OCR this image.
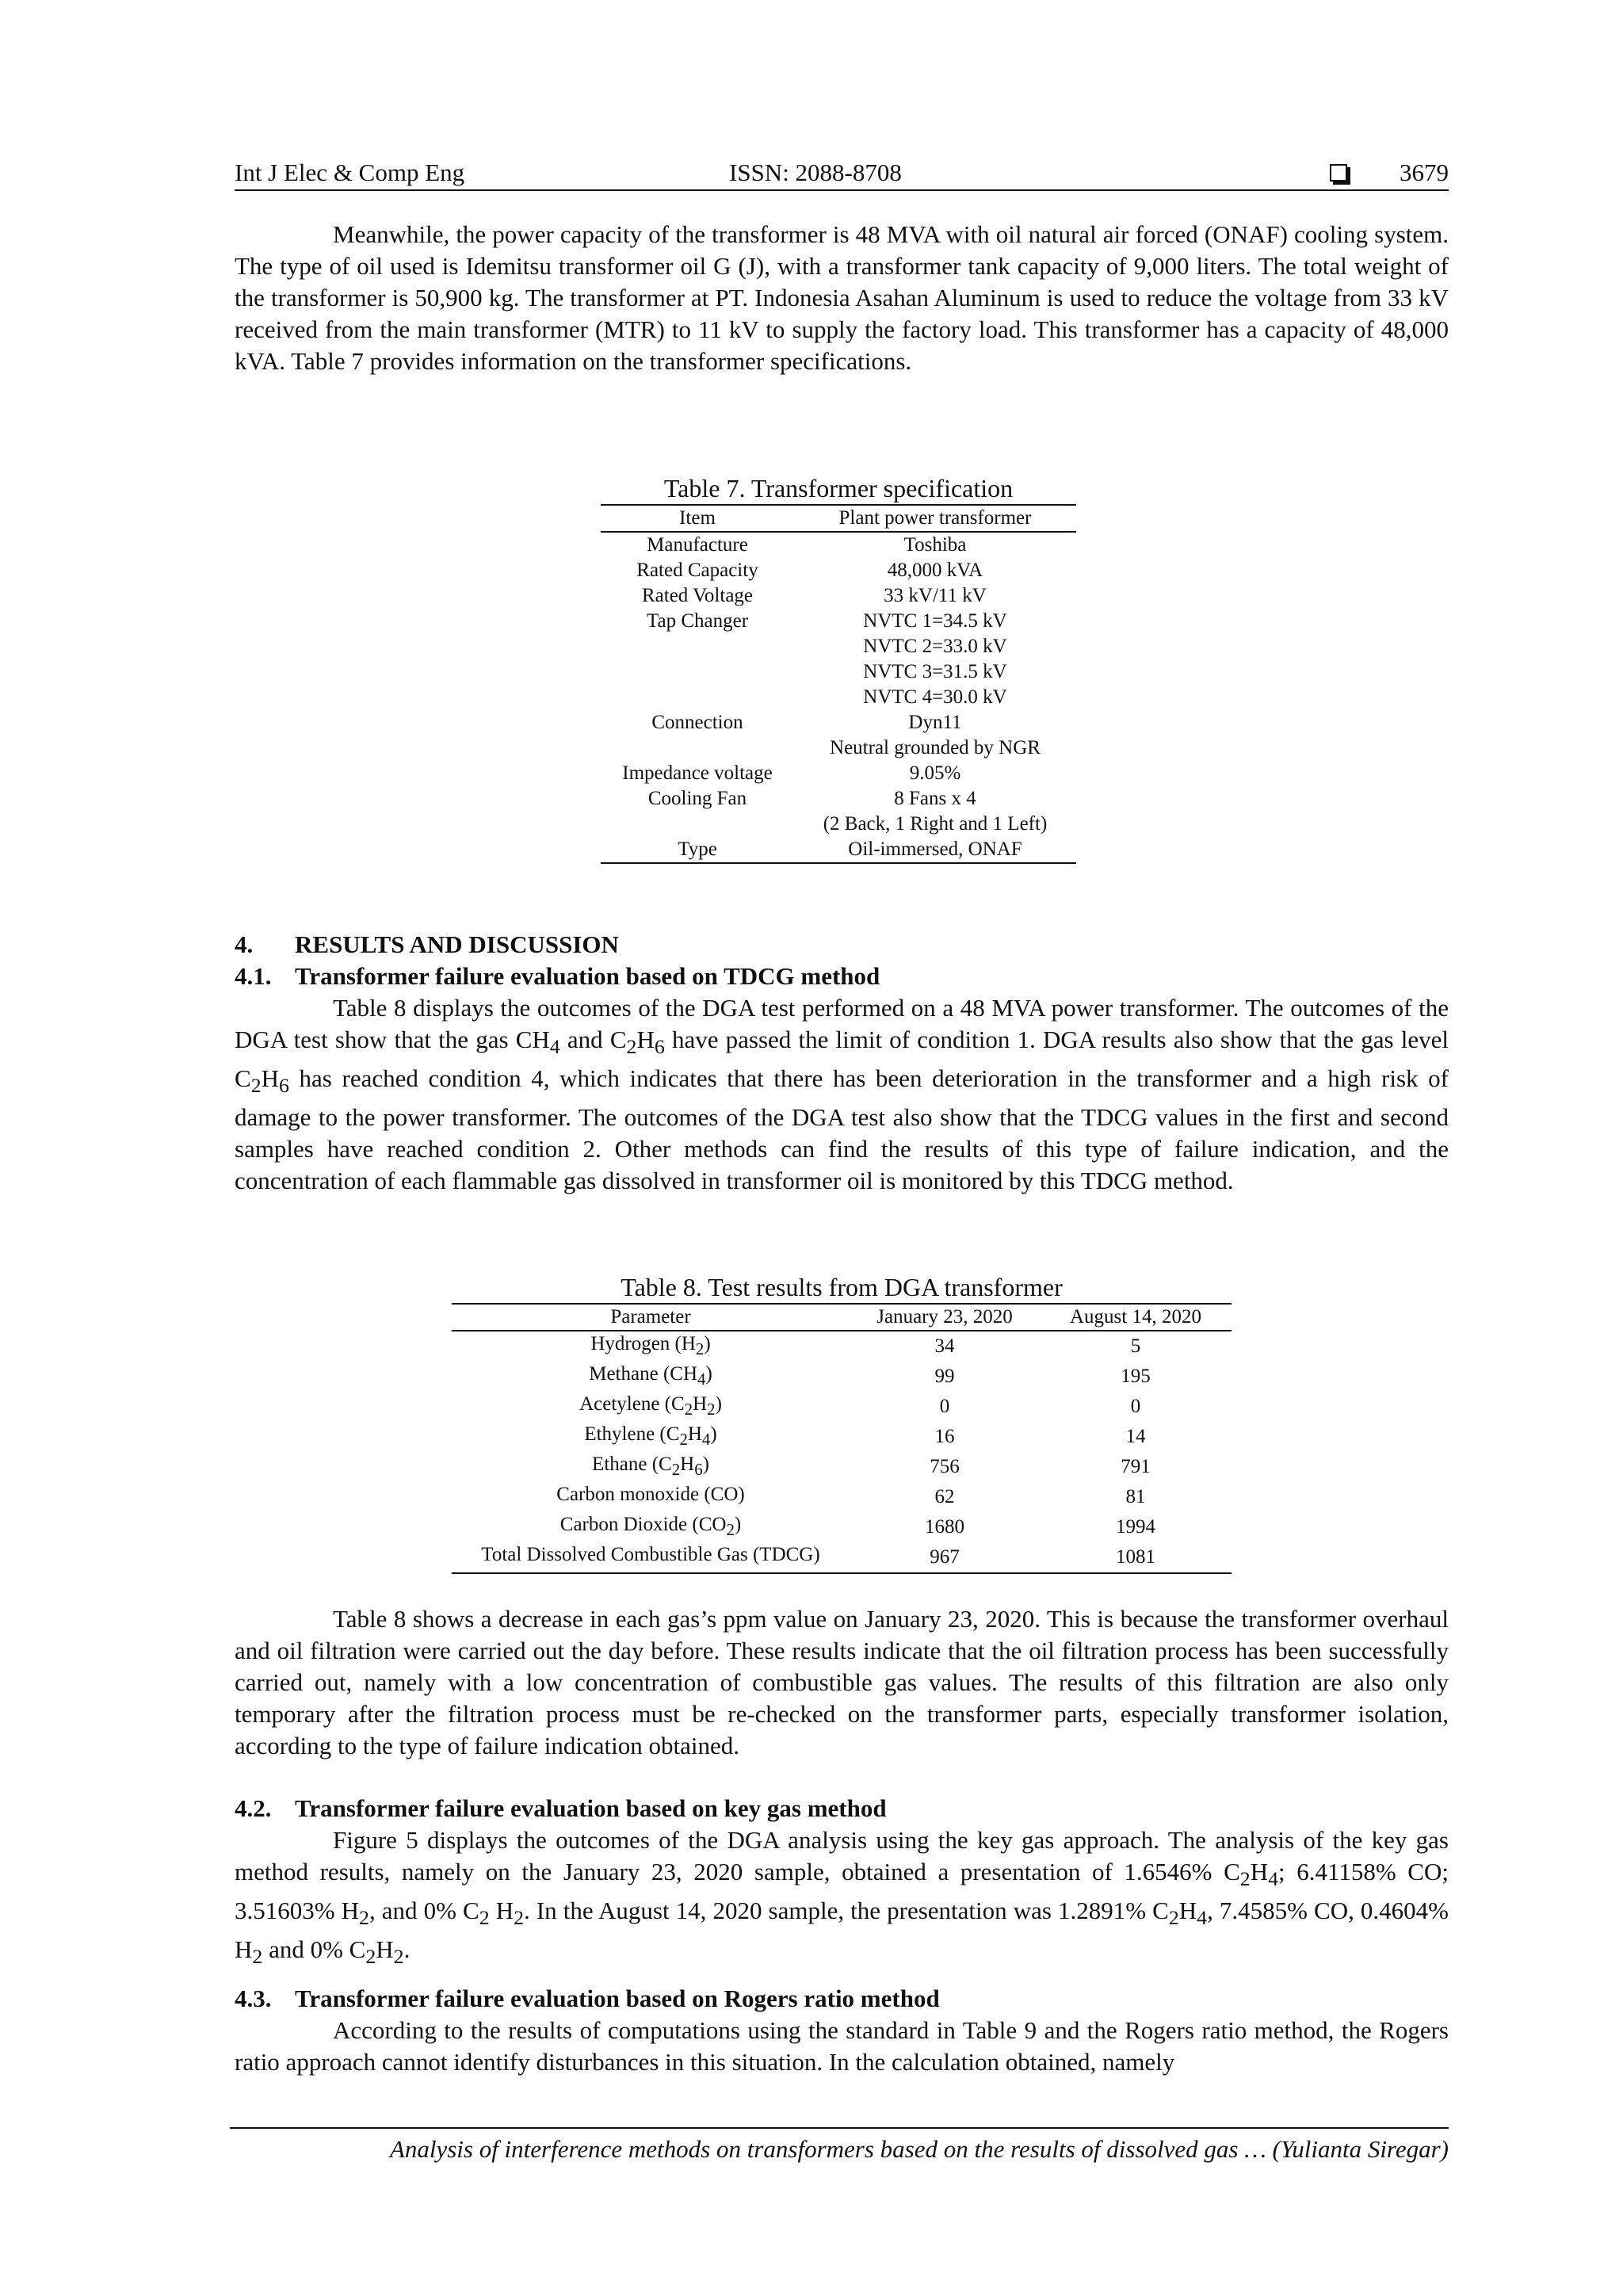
Int J Elec & Comp Eng	ISSN: 2088-8708	3679
Meanwhile, the power capacity of the transformer is 48 MVA with oil natural air forced (ONAF) cooling system. The type of oil used is Idemitsu transformer oil G (J), with a transformer tank capacity of 9,000 liters. The total weight of the transformer is 50,900 kg. The transformer at PT. Indonesia Asahan Aluminum is used to reduce the voltage from 33 kV received from the main transformer (MTR) to 11 kV to supply the factory load. This transformer has a capacity of 48,000 kVA. Table 7 provides information on the transformer specifications.
Table 7. Transformer specification
Item	Plant power transformer
Manufacture	Toshiba
Rated Capacity	48,000 kVA
Rated Voltage	33 kV/11 kV
Tap Changer	NVTC 1=34.5 kV
	NVTC 2=33.0 kV
	NVTC 3=31.5 kV
	NVTC 4=30.0 kV
Connection	Dyn11
	Neutral grounded by NGR
Impedance voltage	9.05%
Cooling Fan	8 Fans x 4
	(2 Back, 1 Right and 1 Left)
Type	Oil-immersed, ONAF
4. RESULTS AND DISCUSSION
4.1. Transformer failure evaluation based on TDCG method
Table 8 displays the outcomes of the DGA test performed on a 48 MVA power transformer. The outcomes of the DGA test show that the gas $CH_4$ and $C_2H_6$ have passed the limit of condition 1. DGA results also show that the gas level $C_2H_6$ has reached condition 4, which indicates that there has been deterioration in the transformer and a high risk of damage to the power transformer. The outcomes of the DGA test also show that the TDCG values in the first and second samples have reached condition 2. Other methods can find the results of this type of failure indication, and the concentration of each flammable gas dissolved in transformer oil is monitored by this TDCG method.
Table 8. Test results from DGA transformer
Parameter	January 23, 2020	August 14, 2020
Hydrogen $(H_2)$	34	5
Methane $(CH_4)$	99	195
Acetylene $(C_2H_2)$	0	0
Ethylene $(C_2H_4)$	16	14
Ethane $(C_2H_6)$	756	791
Carbon monoxide (CO)	62	81
Carbon Dioxide $(CO_2)$	1680	1994
Total Dissolved Combustible Gas (TDCG)	967	1081
Table 8 shows a decrease in each gas’s ppm value on January 23, 2020. This is because the transformer overhaul and oil filtration were carried out the day before. These results indicate that the oil filtration process has been successfully carried out, namely with a low concentration of combustible gas values. The results of this filtration are also only temporary after the filtration process must be re-checked on the transformer parts, especially transformer isolation, according to the type of failure indication obtained.
4.2. Transformer failure evaluation based on key gas method
Figure 5 displays the outcomes of the DGA analysis using the key gas approach. The analysis of the key gas method results, namely on the January 23, 2020 sample, obtained a presentation of 1.6546% $C_2H_4$; 6.41158% CO; 3.51603% $H_2$, and 0% $C_2$ $H_2$. In the August 14, 2020 sample, the presentation was 1.2891% $C_2H_4$, 7.4585% CO, 0.4604% $H_2$ and 0% $C_2H_2$.
4.3. Transformer failure evaluation based on Rogers ratio method
According to the results of computations using the standard in Table 9 and the Rogers ratio method, the Rogers ratio approach cannot identify disturbances in this situation. In the calculation obtained, namely
Analysis of interference methods on transformers based on the results of dissolved gas … (Yulianta Siregar)
